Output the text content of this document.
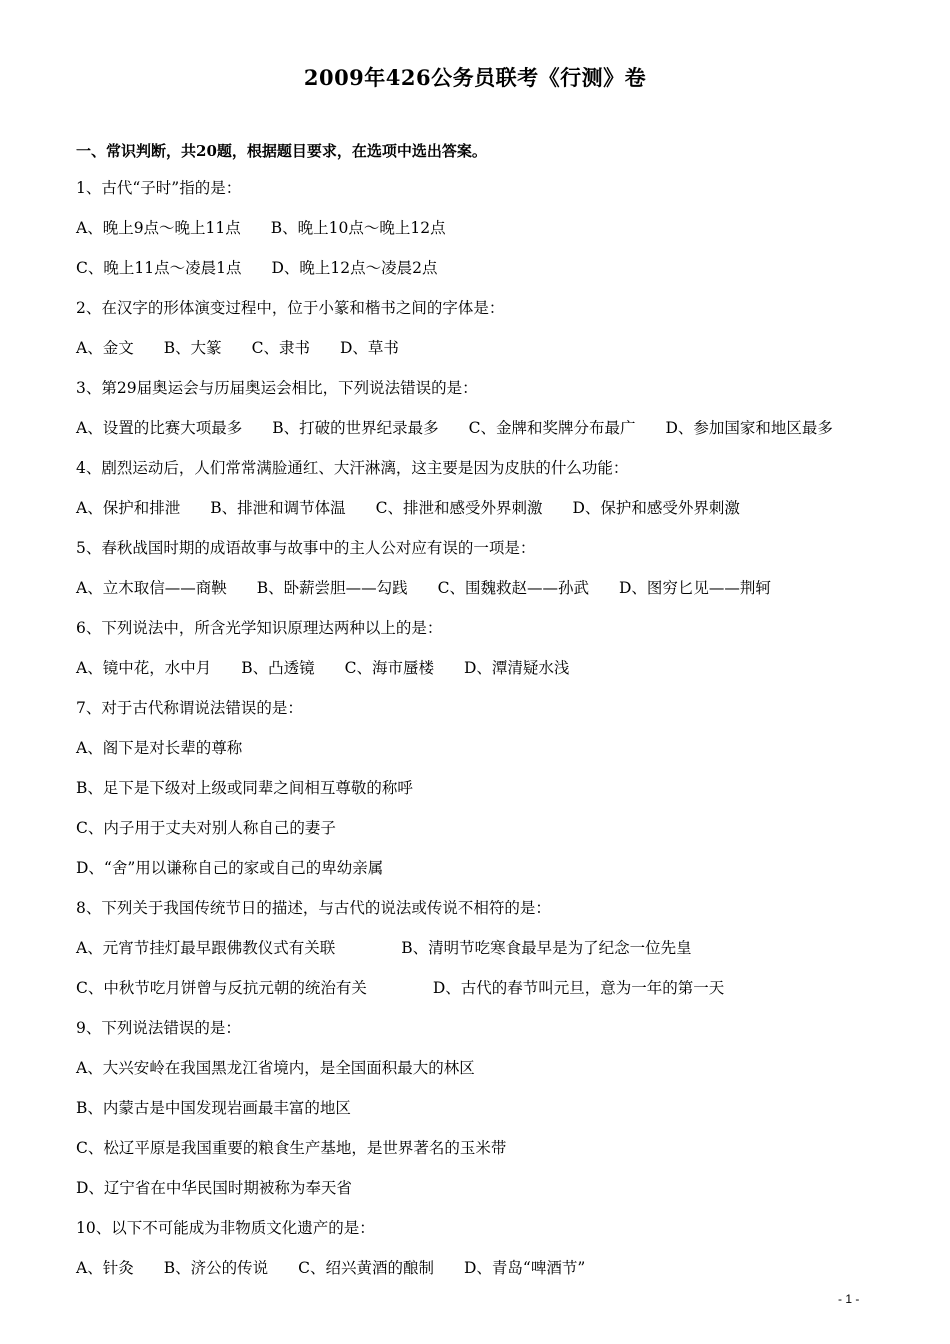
2009年426公务员联考《行测》卷
一、常识判断，共20题，根据题目要求，在选项中选出答案。
1、古代“子时”指的是：
A、晚上9点～晚上11点 B、晚上10点～晚上12点
C、晚上11点～凌晨1点 D、晚上12点～凌晨2点
2、在汉字的形体演变过程中，位于小篆和楷书之间的字体是：
A、金文 B、大篆 C、隶书 D、草书
3、第29届奥运会与历届奥运会相比，下列说法错误的是：
A、设置的比赛大项最多 B、打破的世界纪录最多 C、金牌和奖牌分布最广 D、参加国家和地区最多
4、剧烈运动后，人们常常满脸通红、大汗淋漓，这主要是因为皮肤的什么功能：
A、保护和排泄 B、排泄和调节体温 C、排泄和感受外界刺激 D、保护和感受外界刺激
5、春秋战国时期的成语故事与故事中的主人公对应有误的一项是：
A、立木取信——商鞅 B、卧薪尝胆——勾践 C、围魏救赵——孙武 D、图穷匕见——荆轲
6、下列说法中，所含光学知识原理达两种以上的是：
A、镜中花，水中月 B、凸透镜 C、海市蜃楼 D、潭清疑水浅
7、对于古代称谓说法错误的是：
A、阁下是对长辈的尊称
B、足下是下级对上级或同辈之间相互尊敬的称呼
C、内子用于丈夫对别人称自己的妻子
D、“舍”用以谦称自己的家或自己的卑幼亲属
8、下列关于我国传统节日的描述，与古代的说法或传说不相符的是：
A、元宵节挂灯最早跟佛教仪式有关联	B、清明节吃寒食最早是为了纪念一位先皇
C、中秋节吃月饼曾与反抗元朝的统治有关	D、古代的春节叫元旦，意为一年的第一天
9、下列说法错误的是：
A、大兴安岭在我国黑龙江省境内，是全国面积最大的林区
B、内蒙古是中国发现岩画最丰富的地区
C、松辽平原是我国重要的粮食生产基地，是世界著名的玉米带
D、辽宁省在中华民国时期被称为奉天省
10、以下不可能成为非物质文化遗产的是：
A、针灸 B、济公的传说 C、绍兴黄酒的酿制 D、青岛“啤酒节”
- 1 -
